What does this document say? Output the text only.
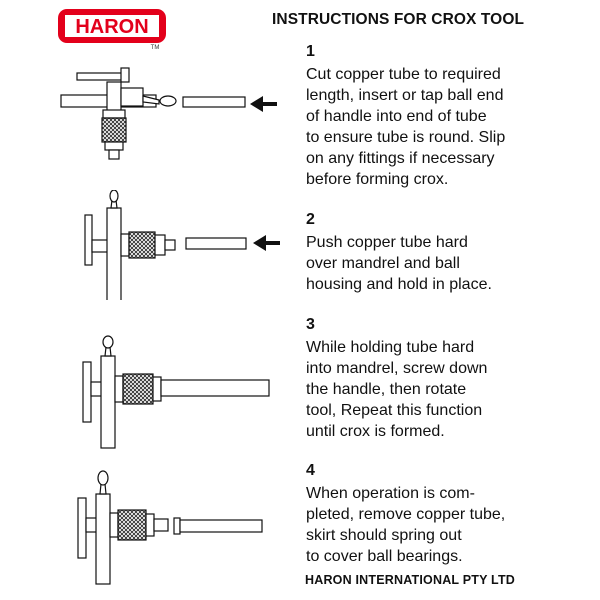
HARON
TM
INSTRUCTIONS FOR CROX TOOL
1
Cut copper tube to required
length, insert or tap ball end
of handle into end of tube
to ensure tube is round. Slip
on any fittings if necessary
before forming crox.
2
Push copper tube hard
over mandrel and ball
housing and hold in place.
3
While holding tube hard
into mandrel, screw down
the handle, then rotate
tool, Repeat this function
until crox is formed.
4
When operation is com-
pleted, remove copper tube,
skirt should spring out
to cover ball bearings.
HARON INTERNATIONAL PTY LTD
